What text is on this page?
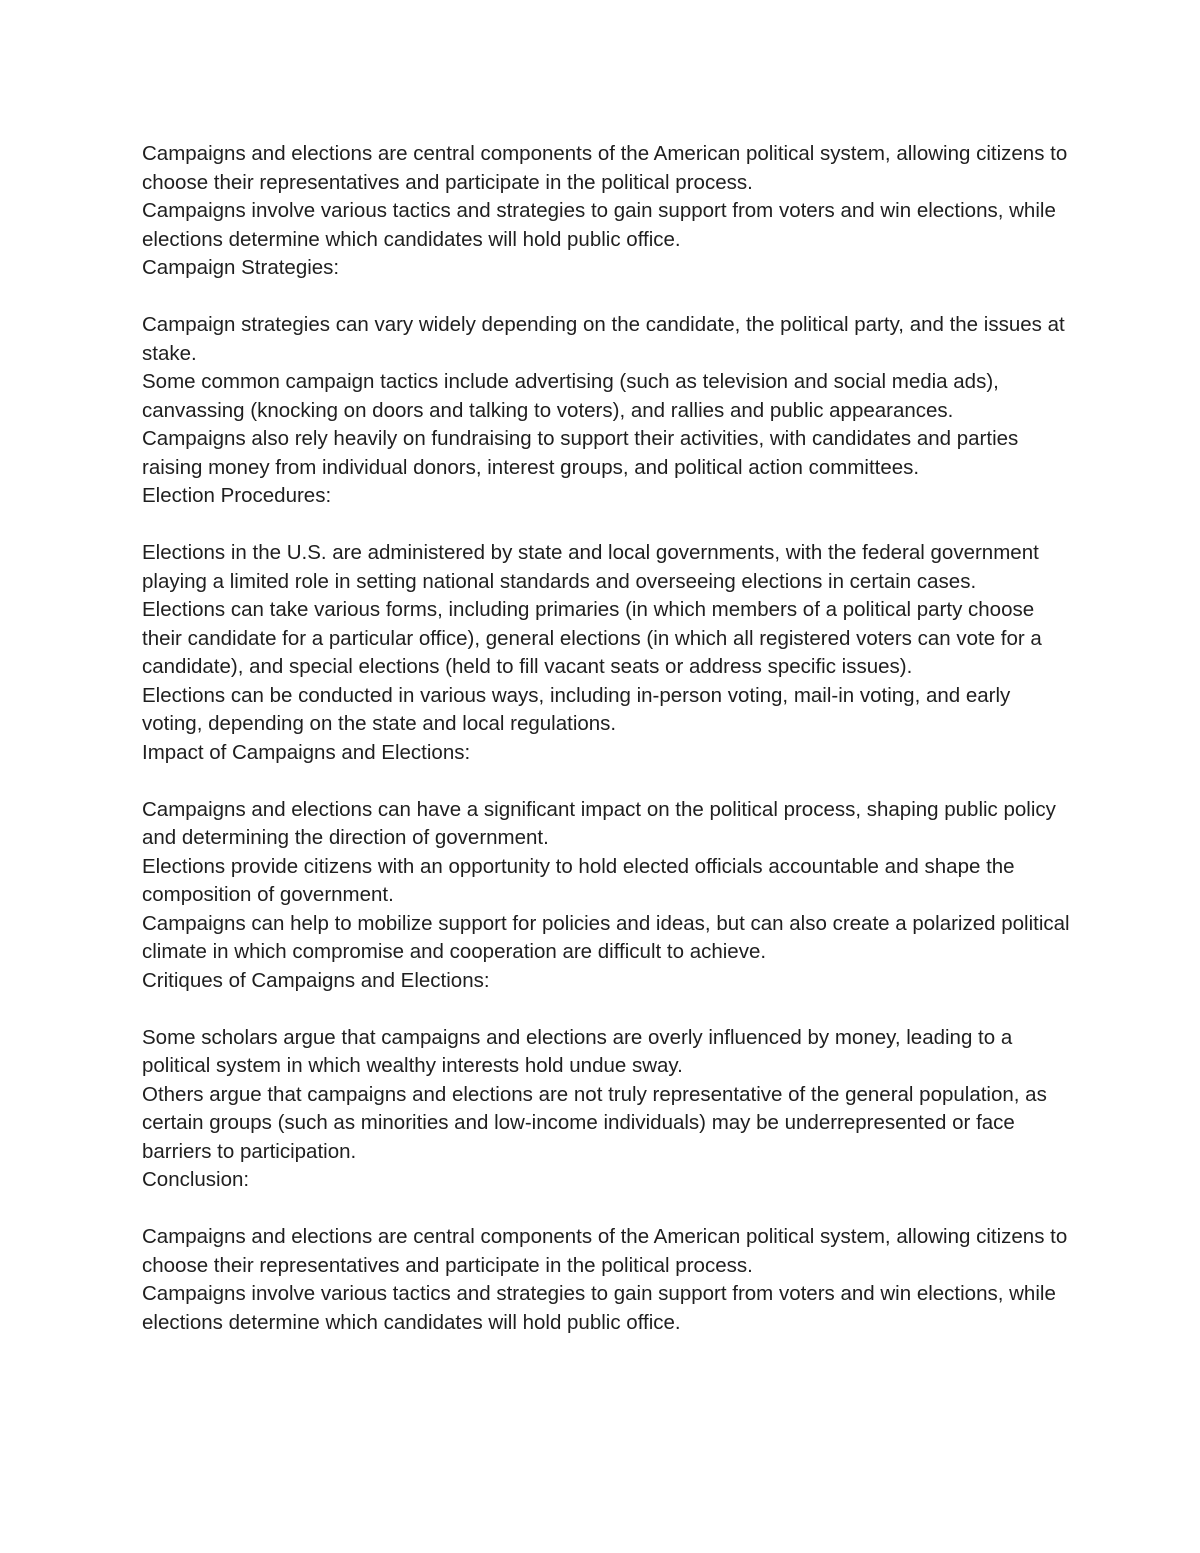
Campaigns and elections are central components of the American political system, allowing citizens to choose their representatives and participate in the political process.

Campaigns involve various tactics and strategies to gain support from voters and win elections, while elections determine which candidates will hold public office.

Campaign Strategies:

Campaign strategies can vary widely depending on the candidate, the political party, and the issues at stake.

Some common campaign tactics include advertising (such as television and social media ads), canvassing (knocking on doors and talking to voters), and rallies and public appearances.

Campaigns also rely heavily on fundraising to support their activities, with candidates and parties raising money from individual donors, interest groups, and political action committees.

Election Procedures:

Elections in the U.S. are administered by state and local governments, with the federal government playing a limited role in setting national standards and overseeing elections in certain cases.

Elections can take various forms, including primaries (in which members of a political party choose their candidate for a particular office), general elections (in which all registered voters can vote for a candidate), and special elections (held to fill vacant seats or address specific issues).

Elections can be conducted in various ways, including in-person voting, mail-in voting, and early voting, depending on the state and local regulations.

Impact of Campaigns and Elections:

Campaigns and elections can have a significant impact on the political process, shaping public policy and determining the direction of government.

Elections provide citizens with an opportunity to hold elected officials accountable and shape the composition of government.

Campaigns can help to mobilize support for policies and ideas, but can also create a polarized political climate in which compromise and cooperation are difficult to achieve.

Critiques of Campaigns and Elections:

Some scholars argue that campaigns and elections are overly influenced by money, leading to a political system in which wealthy interests hold undue sway.

Others argue that campaigns and elections are not truly representative of the general population, as certain groups (such as minorities and low-income individuals) may be underrepresented or face barriers to participation.

Conclusion:

Campaigns and elections are central components of the American political system, allowing citizens to choose their representatives and participate in the political process.

Campaigns involve various tactics and strategies to gain support from voters and win elections, while elections determine which candidates will hold public office.
